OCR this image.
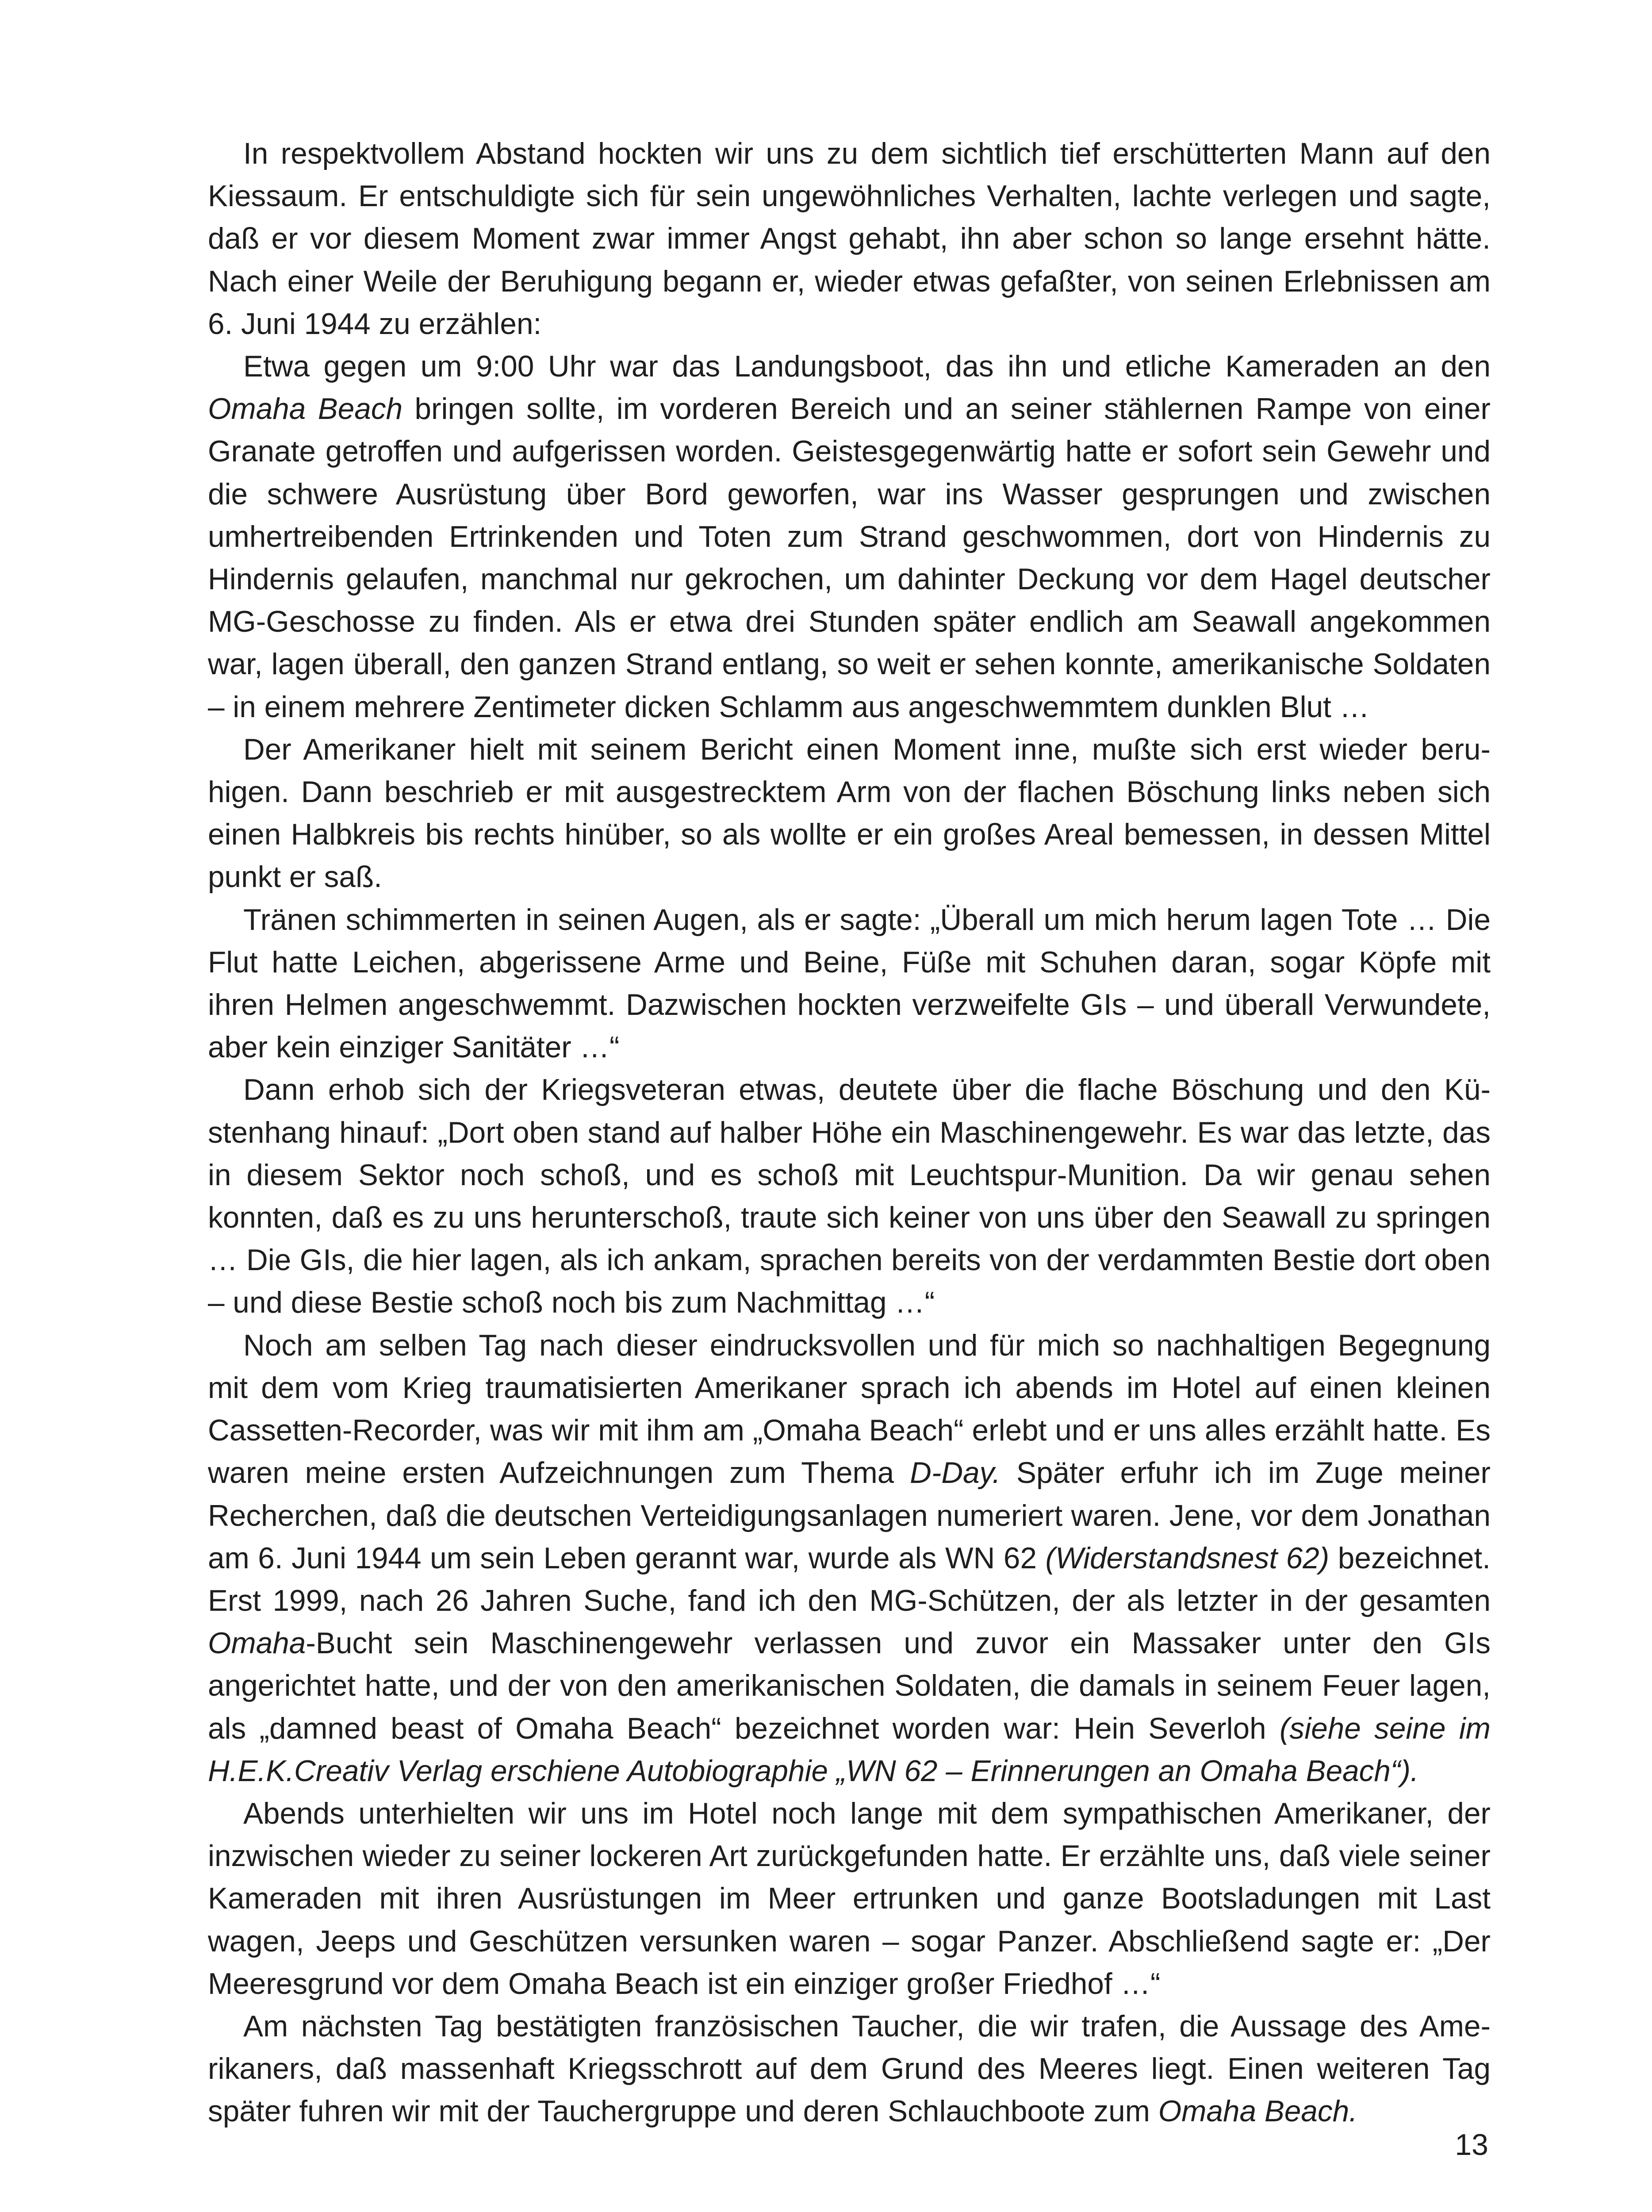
In respektvollem Abstand hockten wir uns zu dem sichtlich tief erschütterten Mann auf den Kiessaum. Er entschuldigte sich für sein ungewöhnliches Verhalten, lachte verlegen und sagte, daß er vor diesem Moment zwar immer Angst gehabt, ihn aber schon so lange ersehnt hätte. Nach einer Weile der Beruhigung begann er, wieder etwas gefaßter, von seinen Erlebnissen am 6. Juni 1944 zu erzählen:

Etwa gegen um 9:00 Uhr war das Landungsboot, das ihn und etliche Kameraden an den Omaha Beach bringen sollte, im vorderen Bereich und an seiner stählernen Rampe von einer Granate getroffen und aufgerissen worden. Geistesgegenwärtig hatte er sofort sein Gewehr und die schwere Ausrüstung über Bord geworfen, war ins Wasser gesprungen und zwischen umhertreibenden Ertrinkenden und Toten zum Strand geschwommen, dort von Hindernis zu Hindernis gelaufen, manchmal nur gekrochen, um dahinter Deckung vor dem Hagel deutscher MG-Geschosse zu finden. Als er etwa drei Stunden später endlich am Seawall angekommen war, lagen überall, den ganzen Strand entlang, so weit er sehen konnte, amerikanische Soldaten – in einem mehrere Zentimeter dicken Schlamm aus angeschwemmtem dunklen Blut …

Der Amerikaner hielt mit seinem Bericht einen Moment inne, mußte sich erst wieder beruhigen. Dann beschrieb er mit ausgestrecktem Arm von der flachen Böschung links neben sich einen Halbkreis bis rechts hinüber, so als wollte er ein großes Areal bemessen, in dessen Mittel punkt er saß.

Tränen schimmerten in seinen Augen, als er sagte: „Überall um mich herum lagen Tote … Die Flut hatte Leichen, abgerissene Arme und Beine, Füße mit Schuhen daran, sogar Köpfe mit ihren Helmen angeschwemmt. Dazwischen hockten verzweifelte GIs – und überall Verwundete, aber kein einziger Sanitäter …“

Dann erhob sich der Kriegsveteran etwas, deutete über die flache Böschung und den Küstenhang hinauf: „Dort oben stand auf halber Höhe ein Maschinengewehr. Es war das letzte, das in diesem Sektor noch schoß, und es schoß mit Leuchtspur-Munition. Da wir genau sehen konnten, daß es zu uns herunterschoß, traute sich keiner von uns über den Seawall zu springen … Die GIs, die hier lagen, als ich ankam, sprachen bereits von der verdammten Bestie dort oben – und diese Bestie schoß noch bis zum Nachmittag …“

Noch am selben Tag nach dieser eindrucksvollen und für mich so nachhaltigen Begegnung mit dem vom Krieg traumatisierten Amerikaner sprach ich abends im Hotel auf einen kleinen Cassetten-Recorder, was wir mit ihm am „Omaha Beach“ erlebt und er uns alles erzählt hatte. Es waren meine ersten Aufzeichnungen zum Thema D-Day. Später erfuhr ich im Zuge meiner Recherchen, daß die deutschen Verteidigungsanlagen numeriert waren. Jene, vor dem Jonathan am 6. Juni 1944 um sein Leben gerannt war, wurde als WN 62 (Widerstandsnest 62) bezeichnet. Erst 1999, nach 26 Jahren Suche, fand ich den MG-Schützen, der als letzter in der gesamten Omaha-Bucht sein Maschinengewehr verlassen und zuvor ein Massaker unter den GIs angerichtet hatte, und der von den amerikanischen Soldaten, die damals in seinem Feuer lagen, als „damned beast of Omaha Beach“ bezeichnet worden war: Hein Severloh (siehe seine im H.E.K.Creativ Verlag erschiene Autobiographie „WN 62 – Erinnerungen an Omaha Beach“).

Abends unterhielten wir uns im Hotel noch lange mit dem sympathischen Amerikaner, der inzwischen wieder zu seiner lockeren Art zurückgefunden hatte. Er erzählte uns, daß viele seiner Kameraden mit ihren Ausrüstungen im Meer ertrunken und ganze Bootsladungen mit Last wagen, Jeeps und Geschützen versunken waren – sogar Panzer. Abschließend sagte er: „Der Meeresgrund vor dem Omaha Beach ist ein einziger großer Friedhof …“

Am nächsten Tag bestätigten französischen Taucher, die wir trafen, die Aussage des Amerikaners, daß massenhaft Kriegsschrott auf dem Grund des Meeres liegt. Einen weiteren Tag später fuhren wir mit der Tauchergruppe und deren Schlauchboote zum Omaha Beach.

13
